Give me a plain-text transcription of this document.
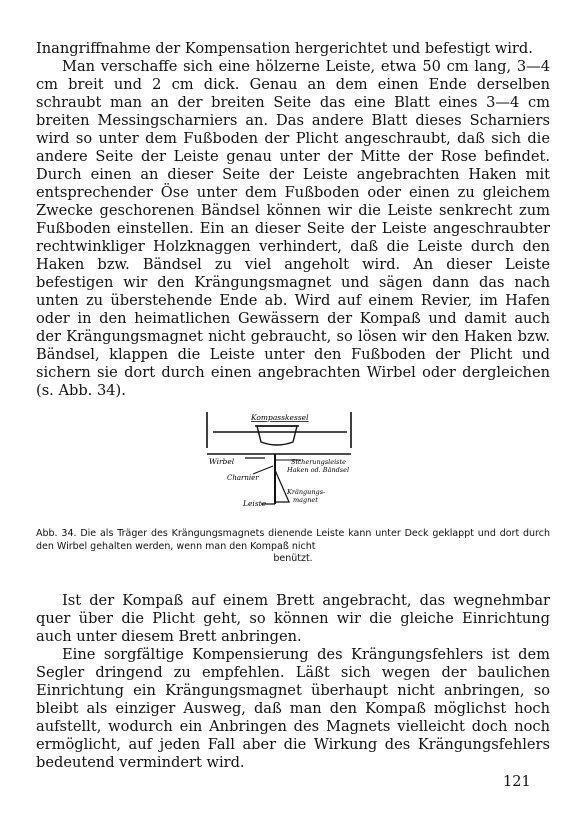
Inangriffnahme der Kompensation hergerichtet und befestigt wird.

Man verschaffe sich eine hölzerne Leiste, etwa 50 cm lang, 3—4 cm breit und 2 cm dick. Genau an dem einen Ende derselben schraubt man an der breiten Seite das eine Blatt eines 3—4 cm breiten Messingscharniers an. Das andere Blatt dieses Scharniers wird so unter dem Fußboden der Plicht angeschraubt, daß sich die andere Seite der Leiste genau unter der Mitte der Rose befindet. Durch einen an dieser Seite der Leiste angebrachten Haken mit entsprechender Öse unter dem Fußboden oder einen zu gleichem Zwecke geschorenen Bändsel können wir die Leiste senkrecht zum Fußboden einstellen. Ein an dieser Seite der Leiste angeschraubter rechtwinkliger Holzknaggen verhindert, daß die Leiste durch den Haken bzw. Bändsel zu viel angeholt wird. An dieser Leiste befestigen wir den Krängungsmagnet und sägen dann das nach unten zu überstehende Ende ab. Wird auf einem Revier, im Hafen oder in den heimatlichen Gewässern der Kompaß und damit auch der Krängungsmagnet nicht gebraucht, so lösen wir den Haken bzw. Bändsel, klappen die Leiste unter den Fußboden der Plicht und sichern sie dort durch einen angebrachten Wirbel oder dergleichen (s. Abb. 34).

Kompasskessel
Wirbel	Sicherungsleiste
Haken od. Bändsel
Charnier
Krängungs-
magnet
Leiste
Abb. 34. Die als Träger des Krängungsmagnets dienende Leiste kann unter Deck geklappt und dort durch den Wirbel gehalten werden, wenn man den Kompaß nicht
benützt.

Ist der Kompaß auf einem Brett angebracht, das wegnehmbar quer über die Plicht geht, so können wir die gleiche Einrichtung auch unter diesem Brett anbringen.

Eine sorgfältige Kompensierung des Krängungsfehlers ist dem Segler dringend zu empfehlen. Läßt sich wegen der baulichen Einrichtung ein Krängungsmagnet überhaupt nicht anbringen, so bleibt als einziger Ausweg, daß man den Kompaß möglichst hoch aufstellt, wodurch ein Anbringen des Magnets vielleicht doch noch ermöglicht, auf jeden Fall aber die Wirkung des Krängungsfehlers bedeutend vermindert wird.

121
